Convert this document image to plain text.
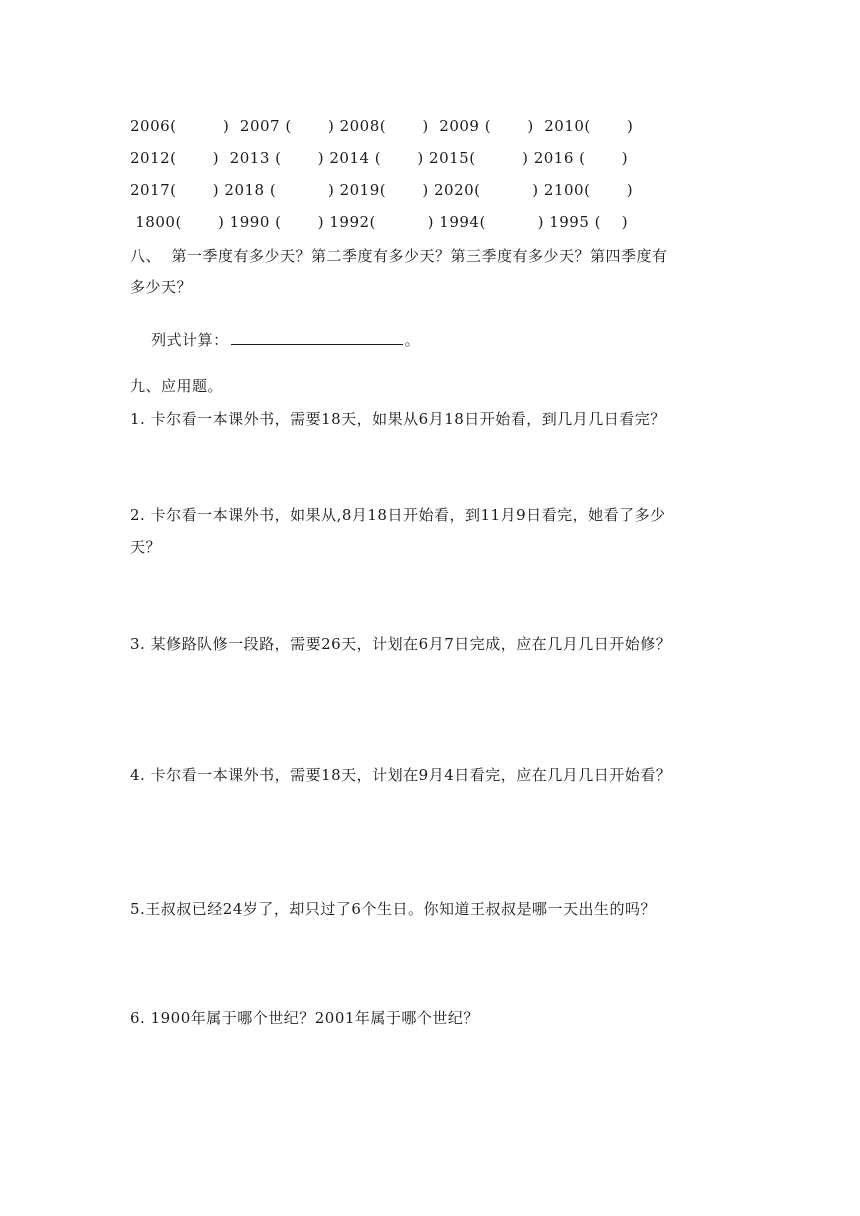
2006(　　　)  2007 (　　 ) 2008(　　 )  2009 (　　 )  2010(　　 )
2012(　　 )  2013 (　　 ) 2014 (　　 ) 2015(　　　) 2016 (　　 )
2017(　　 ) 2018 (　　　 ) 2019(　　 ) 2020(　　　 ) 2100(　　 )
1800(　　 ) 1990 (　　 ) 1992(　　　 ) 1994(　　　 ) 1995 (　 )
八、  第一季度有多少天？第二季度有多少天？第三季度有多少天？第四季度有
多少天？

列式计算：	。

九、应用题。
1. 卡尔看一本课外书，需要18天，如果从6月18日开始看，到几月几日看完？
2. 卡尔看一本课外书，如果从,8月18日开始看，到11月9日看完，她看了多少
天？
3. 某修路队修一段路，需要26天，计划在6月7日完成，应在几月几日开始修？
4. 卡尔看一本课外书，需要18天，计划在9月4日看完，应在几月几日开始看？
5.王叔叔已经24岁了，却只过了6个生日。你知道王叔叔是哪一天出生的吗？
6. 1900年属于哪个世纪？2001年属于哪个世纪？
